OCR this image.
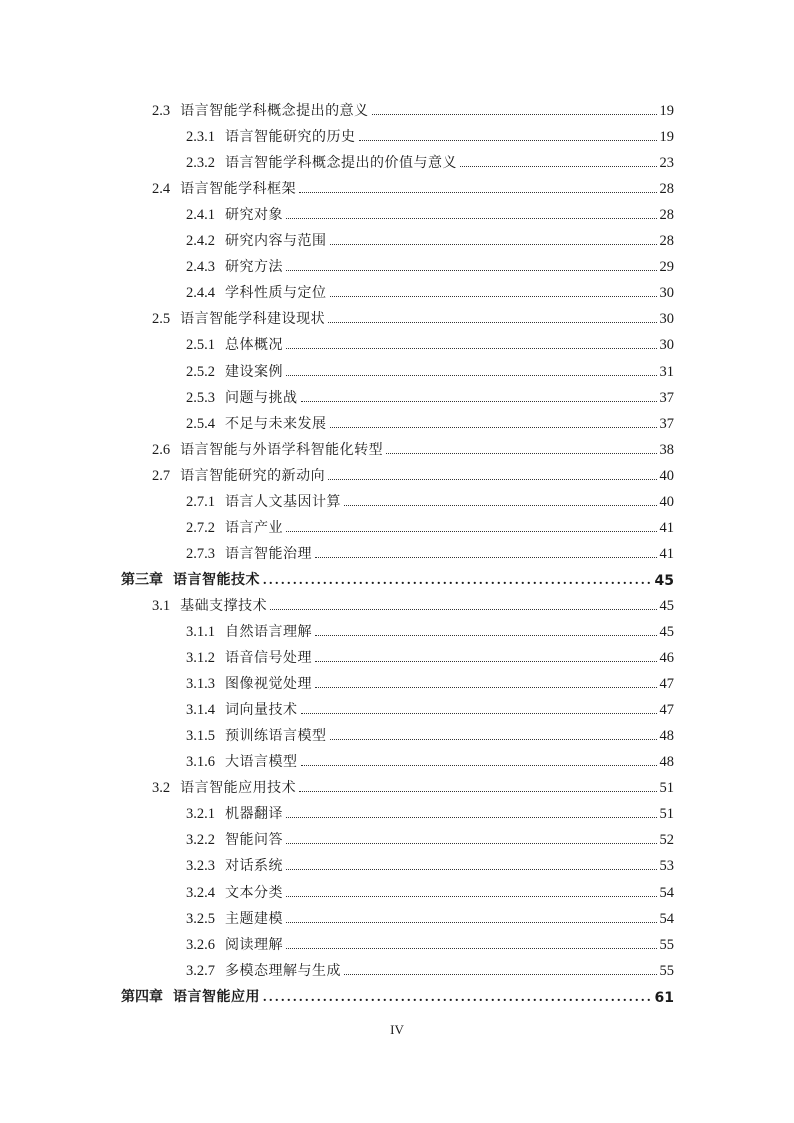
2.3 语言智能学科概念提出的意义	19
2.3.1 语言智能研究的历史	19
2.3.2 语言智能学科概念提出的价值与意义	23
2.4 语言智能学科框架	28
2.4.1 研究对象	28
2.4.2 研究内容与范围	28
2.4.3 研究方法	29
2.4.4 学科性质与定位	30
2.5 语言智能学科建设现状	30
2.5.1 总体概况	30
2.5.2 建设案例	31
2.5.3 问题与挑战	37
2.5.4 不足与未来发展	37
2.6 语言智能与外语学科智能化转型	38
2.7 语言智能研究的新动向	40
2.7.1 语言人文基因计算	40
2.7.2 语言产业	41
2.7.3 语言智能治理	41
第三章 语言智能技术 . . .	45
3.1 基础支撑技术	45
3.1.1 自然语言理解	45
3.1.2 语音信号处理	46
3.1.3 图像视觉处理	47
3.1.4 词向量技术	47
3.1.5 预训练语言模型	48
3.1.6 大语言模型	48
3.2 语言智能应用技术	51
3.2.1 机器翻译	51
3.2.2 智能问答	52
3.2.3 对话系统	53
3.2.4 文本分类	54
3.2.5 主题建模	54
3.2.6 阅读理解	55
3.2.7 多模态理解与生成	55
第四章 语言智能应用 . . .	61
IV
